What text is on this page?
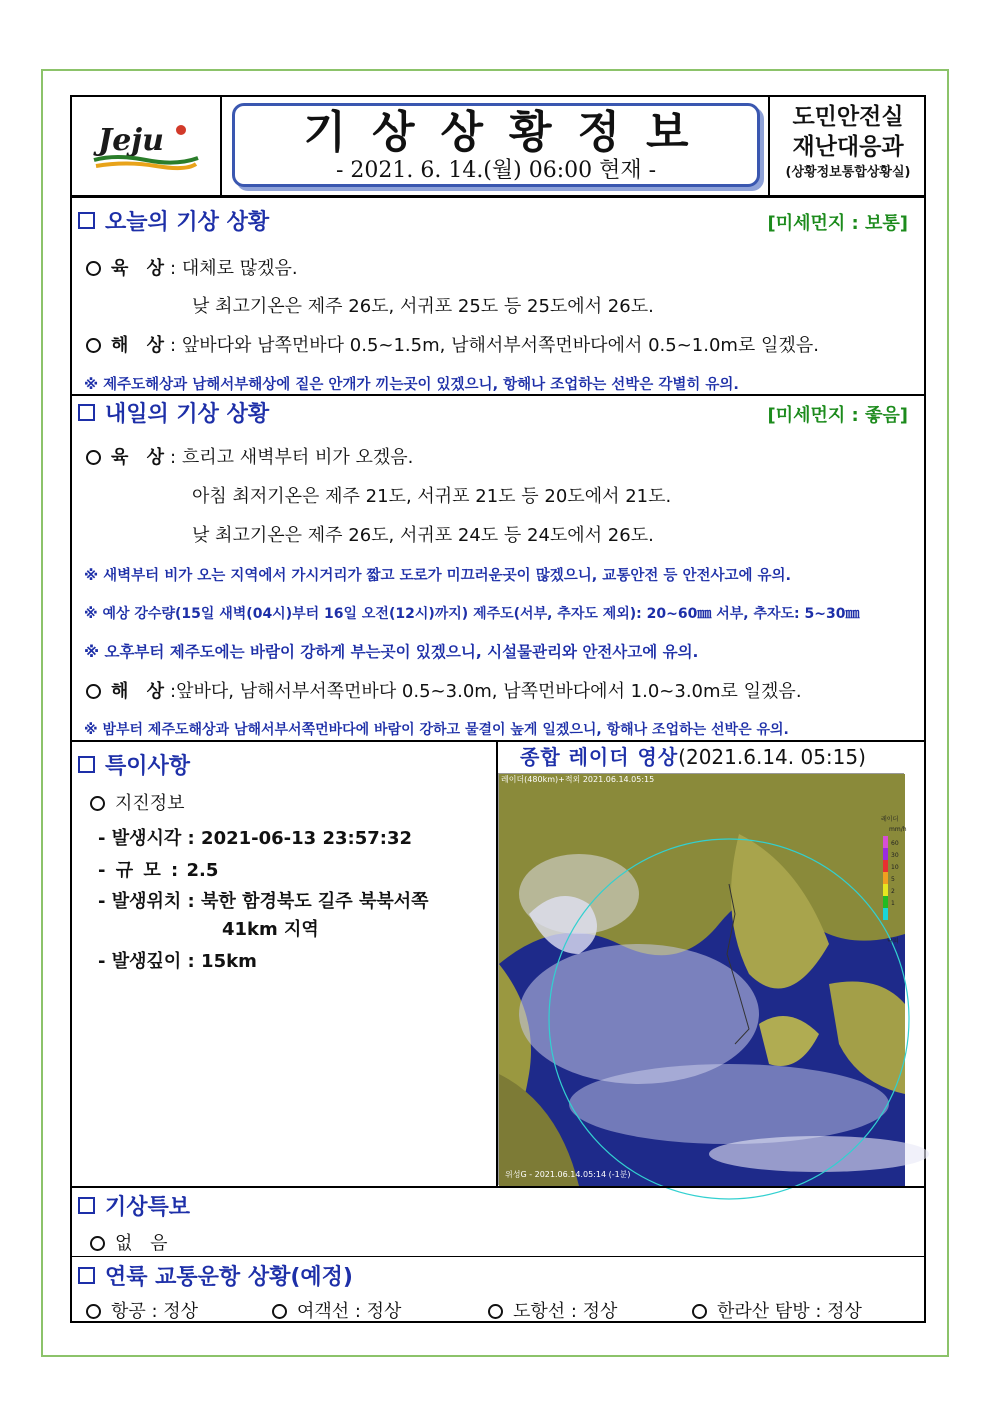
Jeju	기상상황정보
- 2021. 6. 14.(월) 06:00 현재 -
도민안전실
재난대응과
(상황정보통합상황실)
오늘의 기상 상황	[미세먼지 : 보통]
육 상: 대체로 많겠음.
낮 최고기온은 제주 26도, 서귀포 25도 등 25도에서 26도.
해 상: 앞바다와 남쪽먼바다 0.5~1.5m, 남해서부서쪽먼바다에서 0.5~1.0m로 일겠음.
※ 제주도해상과 남해서부해상에 짙은 안개가 끼는곳이 있겠으니, 항해나 조업하는 선박은 각별히 유의.
내일의 기상 상황	[미세먼지 : 좋음]
육 상: 흐리고 새벽부터 비가 오겠음.
아침 최저기온은 제주 21도, 서귀포 21도 등 20도에서 21도.
낮 최고기온은 제주 26도, 서귀포 24도 등 24도에서 26도.
※ 새벽부터 비가 오는 지역에서 가시거리가 짧고 도로가 미끄러운곳이 많겠으니, 교통안전 등 안전사고에 유의.
※ 예상 강수량(15일 새벽(04시)부터 16일 오전(12시)까지) 제주도(서부, 추자도 제외): 20~60㎜ 서부, 추자도: 5~30㎜
※ 오후부터 제주도에는 바람이 강하게 부는곳이 있겠으니, 시설물관리와 안전사고에 유의.
해 상:앞바다, 남해서부서쪽먼바다 0.5~3.0m, 남쪽먼바다에서 1.0~3.0m로 일겠음.
※ 밤부터 제주도해상과 남해서부서쪽먼바다에 바람이 강하고 물결이 높게 일겠으니, 항해나 조업하는 선박은 유의.
특이사항
지진정보
- 발생시각 : 2021-06-13 23:57:32
- 규 모 : 2.5
- 발생위치 : 북한 함경북도 길주 북북서쪽
41km 지역
- 발생깊이 : 15km
종합 레이더 영상(2021.6.14. 05:15)
레이더(480km)+적외 2021.06.14.05:15
위성G - 2021.06.14.05:14 (-1분)
레이더
mm/h
60
30
10
5
2
1
낙뢰
기상특보
없 음
연륙 교통운항 상황(예정)
항공 : 정상	여객선 : 정상	도항선 : 정상	한라산 탐방 : 정상
